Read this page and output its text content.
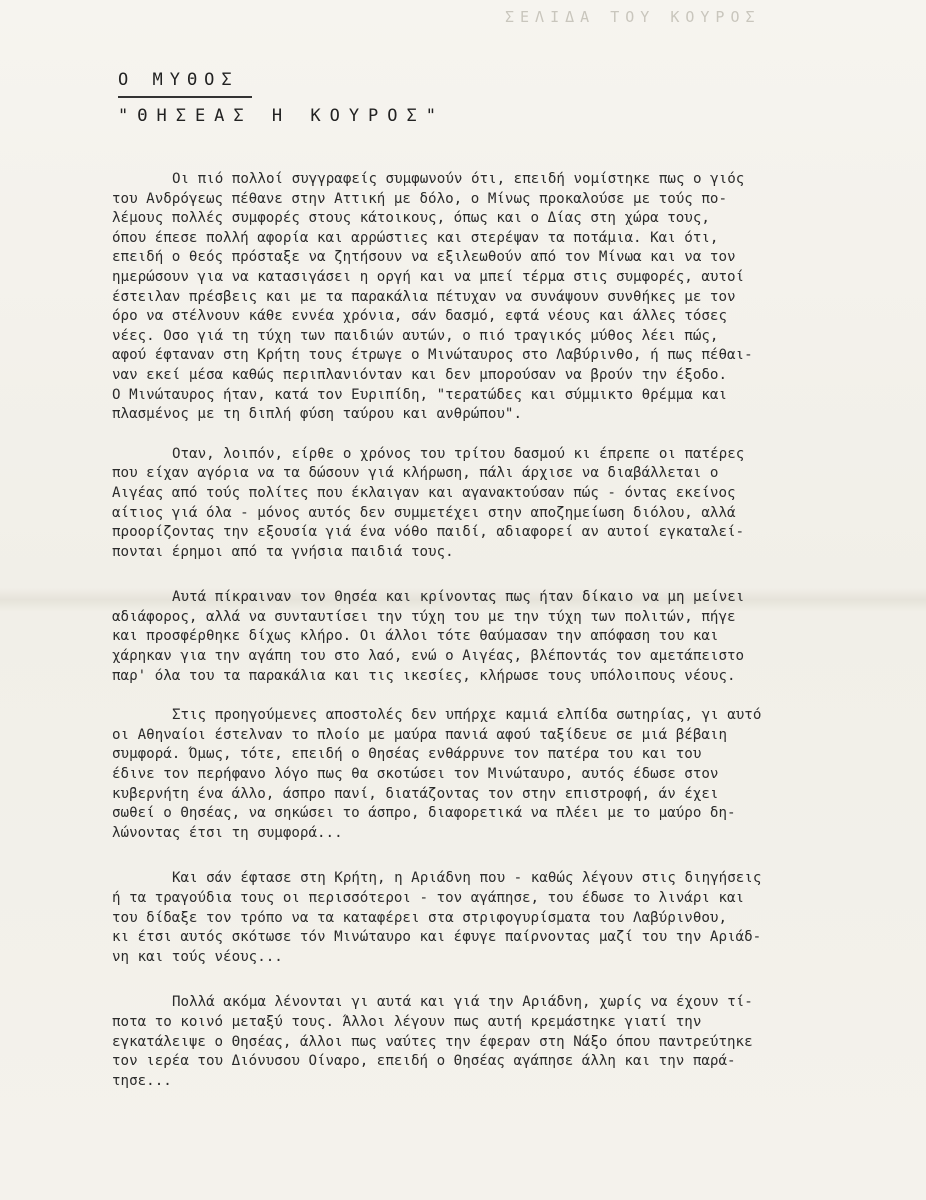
ΣΕΛΙΔΑ ΤΟΥ ΚΟΥΡΟΣ
Ο ΜΥΘΟΣ
"ΘΗΣΕΑΣ Η ΚΟΥΡΟΣ"
Οι πιό πολλοί συγγραφείς συμφωνούν ότι, επειδή νομίστηκε πως ο γιός
του Ανδρόγεως πέθανε στην Αττική με δόλο, ο Μίνως προκαλούσε με τούς πο-
λέμους πολλές συμφορές στους κάτοικους, όπως και ο Δίας στη χώρα τους,
όπου έπεσε πολλή αφορία και αρρώστιες και στερέψαν τα ποτάμια. Και ότι,
επειδή ο θεός πρόσταξε να ζητήσουν να εξιλεωθούν από τον Μίνωα και να τον
ημερώσουν για να κατασιγάσει η οργή και να μπεί τέρμα στις συμφορές, αυτοί
έστειλαν πρέσβεις και με τα παρακάλια πέτυχαν να συνάψουν συνθήκες με τον
όρο να στέλνουν κάθε εννέα χρόνια, σάν δασμό, εφτά νέους και άλλες τόσες
νέες. Οσο γιά τη τύχη των παιδιών αυτών, ο πιό τραγικός μύθος λέει πώς,
αφού έφταναν στη Κρήτη τους έτρωγε ο Μινώταυρος στο Λαβύρινθο, ή πως πέθαι-
ναν εκεί μέσα καθώς περιπλανιόνταν και δεν μπορούσαν να βρούν την έξοδο.
Ο Μινώταυρος ήταν, κατά τον Ευριπίδη, "τερατώδες και σύμμικτο θρέμμα και
πλασμένος με τη διπλή φύση ταύρου και ανθρώπου".
Οταν, λοιπόν, είρθε ο χρόνος του τρίτου δασμού κι έπρεπε οι πατέρες
που είχαν αγόρια να τα δώσουν γιά κλήρωση, πάλι άρχισε να διαβάλλεται ο
Αιγέας από τούς πολίτες που έκλαιγαν και αγανακτούσαν πώς - όντας εκείνος
αίτιος γιά όλα - μόνος αυτός δεν συμμετέχει στην αποζημείωση διόλου, αλλά
προορίζοντας την εξουσία γιά ένα νόθο παιδί, αδιαφορεί αν αυτοί εγκαταλεί-
πονται έρημοι από τα γνήσια παιδιά τους.
Αυτά πίκραιναν τον Θησέα και κρίνοντας πως ήταν δίκαιο να μη μείνει
αδιάφορος, αλλά να συνταυτίσει την τύχη του με την τύχη των πολιτών, πήγε
και προσφέρθηκε δίχως κλήρο. Οι άλλοι τότε θαύμασαν την απόφαση του και
χάρηκαν για την αγάπη του στο λαό, ενώ ο Αιγέας, βλέποντάς τον αμετάπειστο
παρ' όλα του τα παρακάλια και τις ικεσίες, κλήρωσε τους υπόλοιπους νέους.
Στις προηγούμενες αποστολές δεν υπήρχε καμιά ελπίδα σωτηρίας, γι αυτό
οι Αθηναίοι έστελναν το πλοίο με μαύρα πανιά αφού ταξίδευε σε μιά βέβαιη
συμφορά. Όμως, τότε, επειδή ο Θησέας ενθάρρυνε τον πατέρα του και του
έδινε τον περήφανο λόγο πως θα σκοτώσει τον Μινώταυρο, αυτός έδωσε στον
κυβερνήτη ένα άλλο, άσπρο πανί, διατάζοντας τον στην επιστροφή, άν έχει
σωθεί ο Θησέας, να σηκώσει το άσπρο, διαφορετικά να πλέει με το μαύρο δη-
λώνοντας έτσι τη συμφορά...
Και σάν έφτασε στη Κρήτη, η Αριάδνη που - καθώς λέγουν στις διηγήσεις
ή τα τραγούδια τους οι περισσότεροι - τον αγάπησε, του έδωσε το λινάρι και
του δίδαξε τον τρόπο να τα καταφέρει στα στριφογυρίσματα του Λαβύρινθου,
κι έτσι αυτός σκότωσε τόν Μινώταυρο και έφυγε παίρνοντας μαζί του την Αριάδ-
νη και τούς νέους...
Πολλά ακόμα λένονται γι αυτά και γιά την Αριάδνη, χωρίς να έχουν τί-
ποτα το κοινό μεταξύ τους. Άλλοι λέγουν πως αυτή κρεμάστηκε γιατί την
εγκατάλειψε ο Θησέας, άλλοι πως ναύτες την έφεραν στη Νάξο όπου παντρεύτηκε
τον ιερέα του Διόνυσου Οίναρο, επειδή ο Θησέας αγάπησε άλλη και την παρά-
τησε...
